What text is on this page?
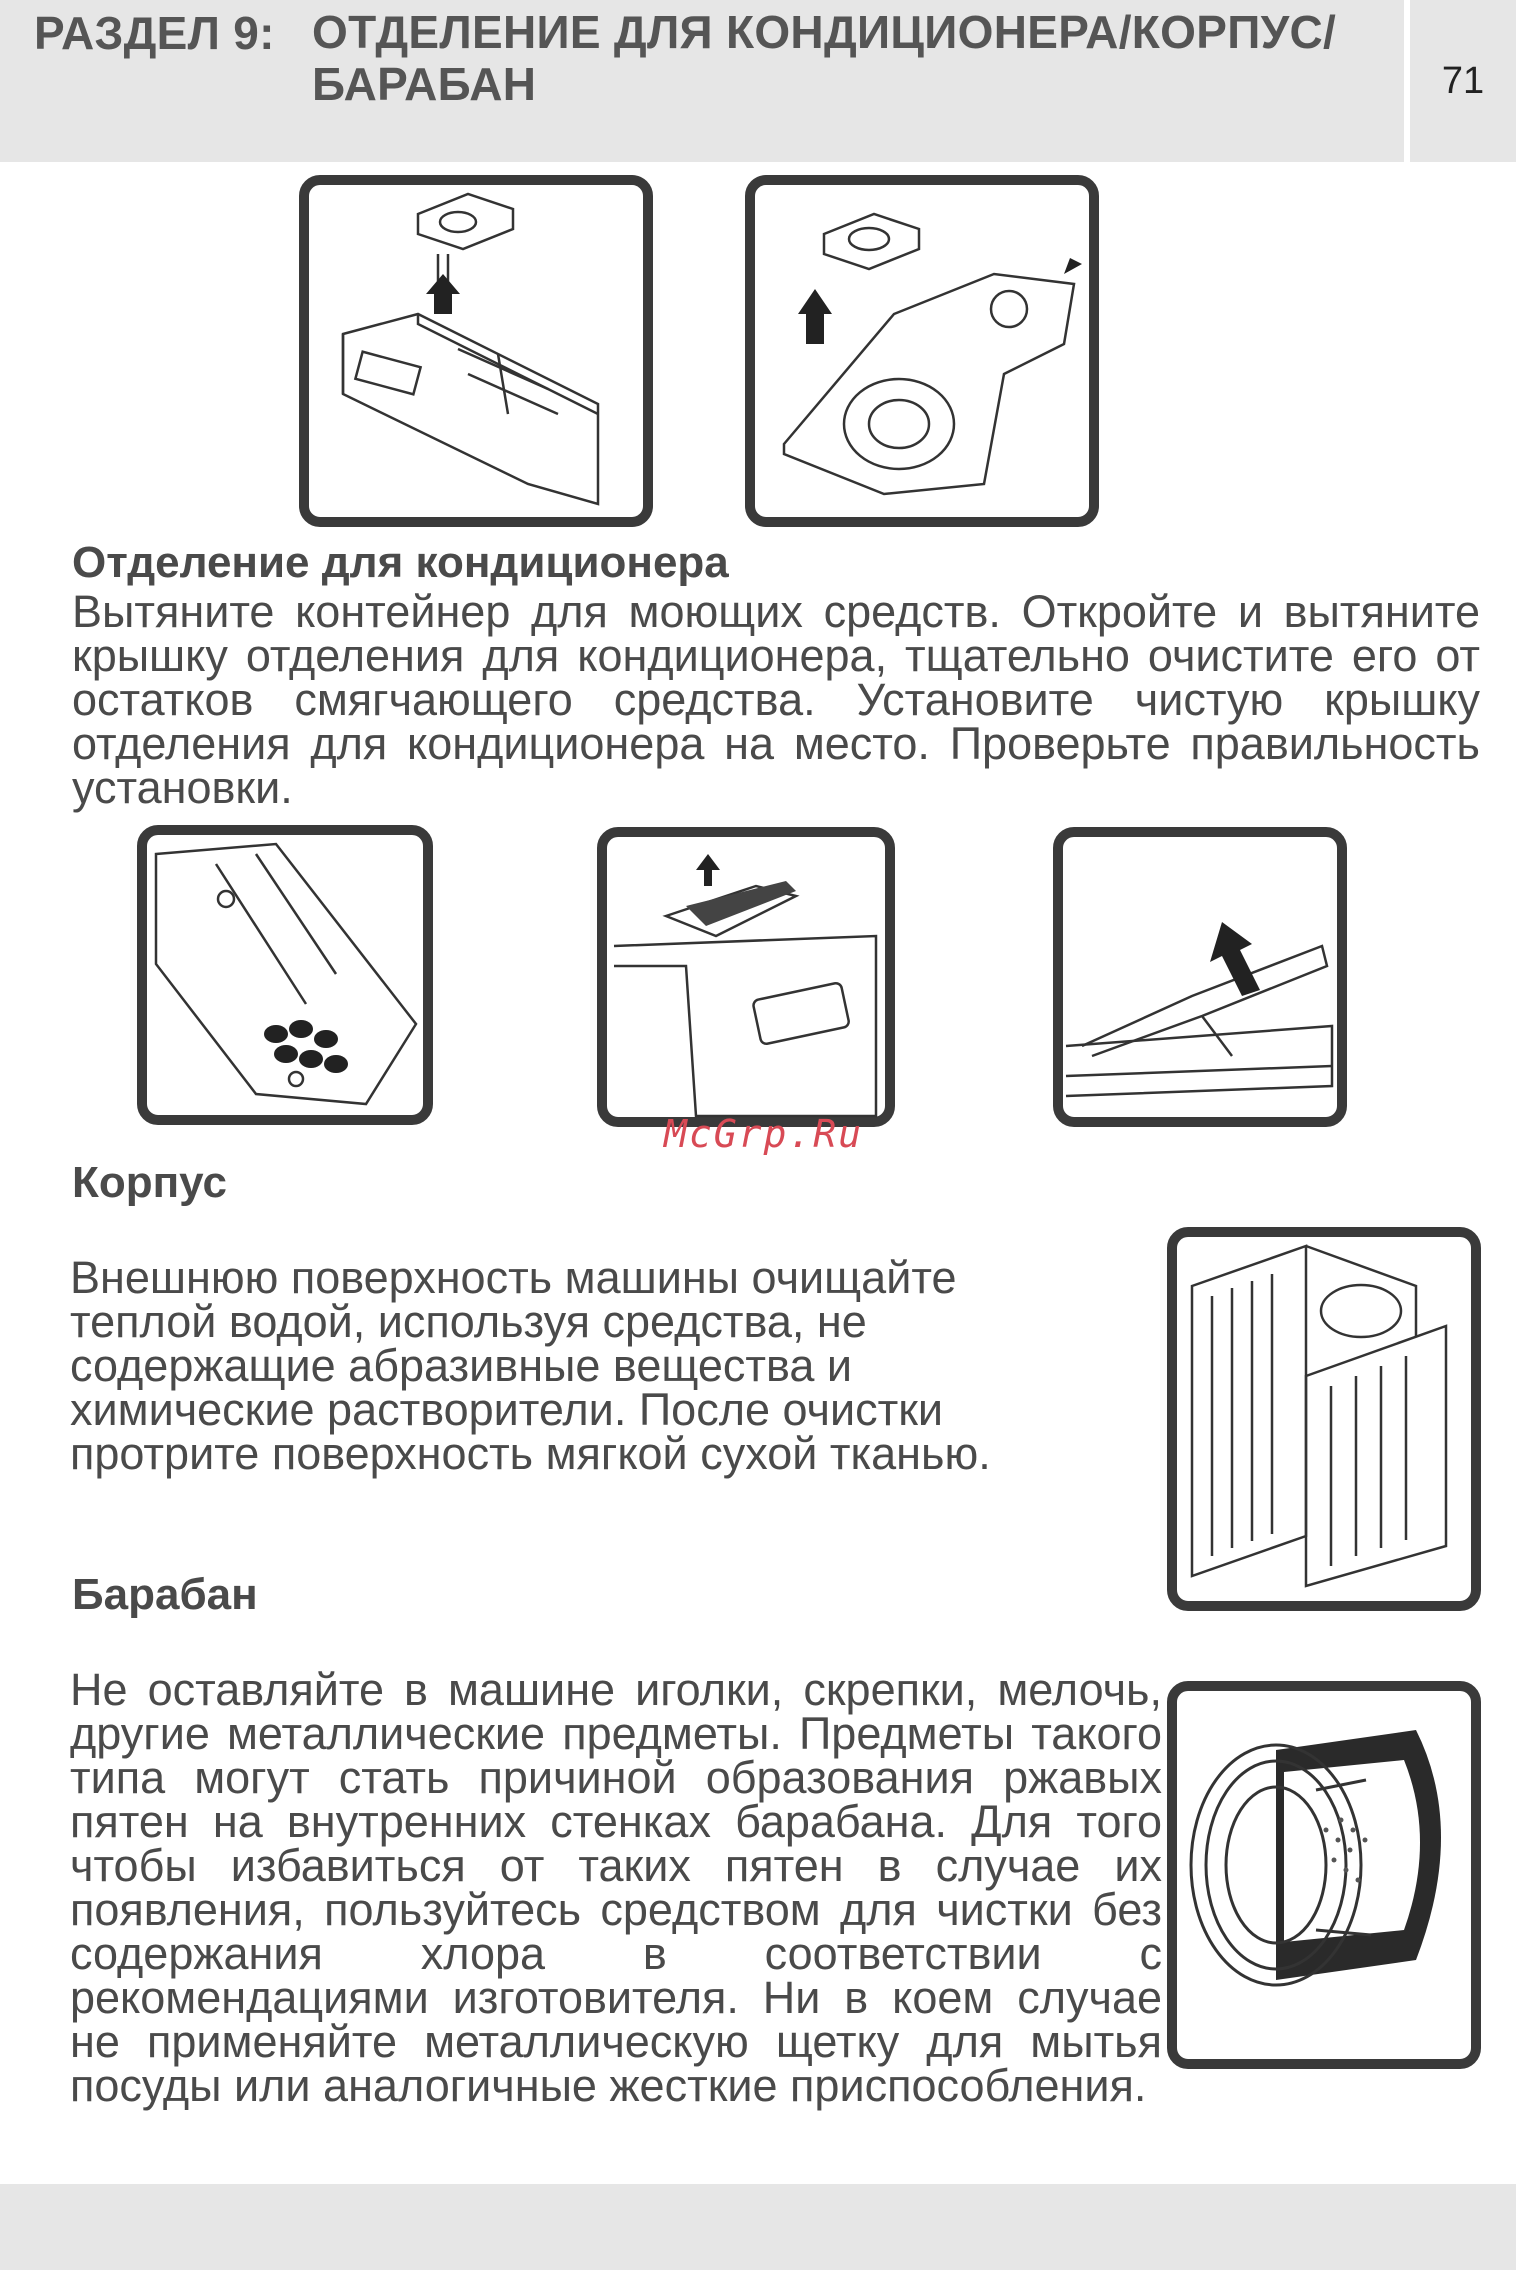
РАЗДЕЛ 9: ОТДЕЛЕНИЕ ДЛЯ КОНДИЦИОНЕРА/КОРПУС/ БАРАБАН	71
Отделение для кондиционера

Вытяните контейнер для моющих средств. Откройте и вытяните крышку отделения для кондиционера, тщательно очистите его от остатков смягчающего средства. Установите чистую крышку отделения для кондиционера на место. Проверьте правильность установки.

McGrp.Ru
Корпус

Внешнюю поверхность машины очищайте теплой водой, используя средства, не содержащие абразивные вещества и химические растворители. После очистки протрите поверхность мягкой сухой тканью.

Барабан

Не оставляйте в машине иголки, скрепки, мелочь, другие металлические предметы. Предметы такого типа могут стать причиной образования ржавых пятен на внутренних стенках барабана. Для того чтобы избавиться от таких пятен в случае их появления, пользуйтесь средством для чистки без содержания хлора в соответствии с рекомендациями изготовителя. Ни в коем случае не применяйте металлическую щетку для мытья посуды или аналогичные жесткие приспособления.
